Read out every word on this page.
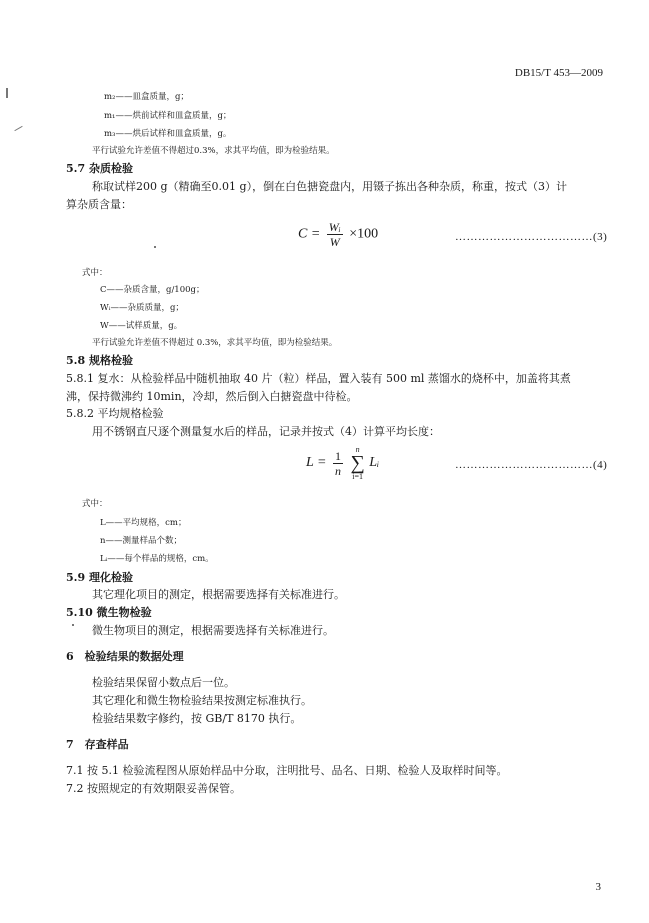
DB15/T 453—2009
m₂——皿盒质量，g；
m₁——烘前试样和皿盒质量，g；
m₃——烘后试样和皿盒质量，g。
平行试验允许差值不得超过0.3%，求其平均值，即为检验结果。
5.7 杂质检验
称取试样200 g（精确至0.01 g），倒在白色搪瓷盘内，用镊子拣出各种杂质，称重，按式（3）计
算杂质含量：
$C = \frac{\text{Wᵢ}}{W} \times 100$	………………………………(3)
式中：
C——杂质含量，g/100g；
Wᵢ——杂质质量，g；
W——试样质量，g。
平行试验允许差值不得超过 0.3%，求其平均值，即为检验结果。
5.8 规格检验
5.8.1 复水：从检验样品中随机抽取 40 片（粒）样品，置入装有 500 ml 蒸馏水的烧杯中，加盖将其煮
沸，保持微沸约 10min，冷却，然后倒入白搪瓷盘中待检。
5.8.2 平均规格检验
用不锈钢直尺逐个测量复水后的样品，记录并按式（4）计算平均长度：
$L = \frac{1}{n}$
n
∑
i=1
Lᵢ	………………………………(4)
式中：
L——平均规格，cm；
n——测量样品个数；
Lᵢ——每个样品的规格，cm。
5.9 理化检验
其它理化项目的测定，根据需要选择有关标准进行。
5.10 微生物检验
微生物项目的测定，根据需要选择有关标准进行。
6　检验结果的数据处理
检验结果保留小数点后一位。
其它理化和微生物检验结果按测定标准执行。
检验结果数字修约，按 GB/T 8170 执行。
7　存查样品
7.1 按 5.1 检验流程图从原始样品中分取，注明批号、品名、日期、检验人及取样时间等。
7.2 按照规定的有效期限妥善保管。
3
